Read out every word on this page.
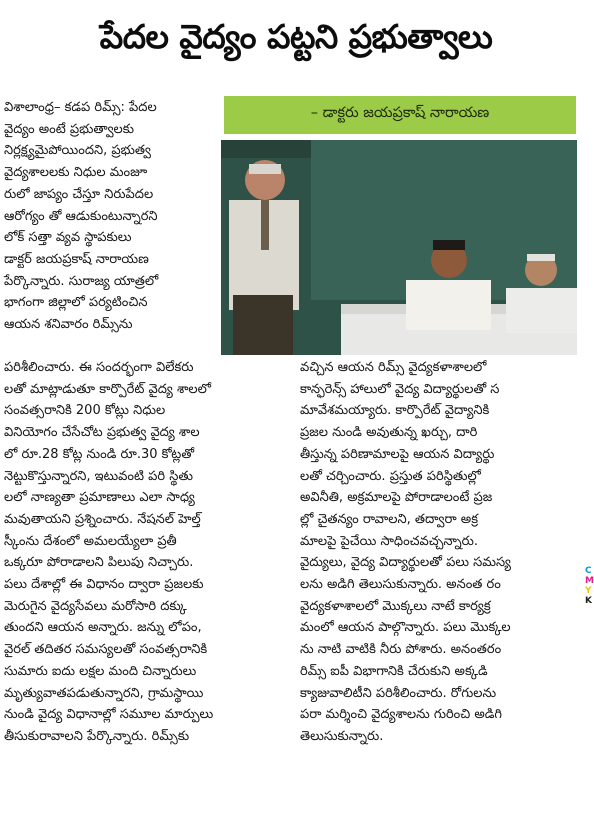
పేదల వైద్యం పట్టని ప్రభుత్వాలు

విశాలాంధ్ర– కడప రిమ్స్: పేదల

వైద్యం అంటే ప్రభుత్వాలకు

నిర్లక్ష్యమైపోయిందని, ప్రభుత్వ

వైద్యశాలలకు నిధుల మంజూ

రులో జాప్యం చేస్తూ నిరుపేదల

ఆరోగ్యం తో ఆడుకుంటున్నారని

లోక్ సత్తా వ్యవ స్థాపకులు

డాక్టర్ జయప్రకాష్ నారాయణ

పేర్కొన్నారు. సురాజ్య యాత్రలో

భాగంగా జిల్లాలో పర్యటించిన

ఆయన శనివారం రిమ్స్‌ను

– డాక్టరు జయప్రకాష్ నారాయణ

పరిశీలించారు. ఈ సందర్భంగా విలేకరు

లతో మాట్లాడుతూ కార్పొరేట్ వైద్య శాలలో

సంవత్సరానికి 200 కోట్లు నిధుల

వినియోగం చేసేచోట ప్రభుత్వ వైద్య శాల

లో రూ.28 కోట్ల నుండి రూ.30 కోట్లతో

నెట్టుకొస్తున్నారని, ఇటువంటి పరి స్థితు

లలో నాణ్యతా ప్రమాణాలు ఎలా సాధ్య

మవుతాయని ప్రశ్నించారు. నేషనల్ హెల్త్

స్కీంను దేశంలో అమలయ్యేలా ప్రతీ

ఒక్కరూ పోరాడాలని పిలుపు నిచ్చారు.

పలు దేశాల్లో ఈ విధానం ద్వారా ప్రజలకు

మెరుగైన వైద్యసేవలు మరోసారి దక్కు

తుందని ఆయన అన్నారు. జన్ను లోపం,

వైరల్ తదితర సమస్యలతో సంవత్సరానికి

సుమారు ఐదు లక్షల మంది చిన్నారులు

మృత్యువాతపడుతున్నారని, గ్రామస్థాయి

నుండి వైద్య విధానాల్లో సమూల మార్పులు

తీసుకురావాలని పేర్కొన్నారు. రిమ్స్‌కు

వచ్చిన ఆయన రిమ్స్ వైద్యకళాశాలలో

కాన్ఫరెన్స్ హాలులో వైద్య విద్యార్థులతో స

మావేశమయ్యారు. కార్పొరేట్ వైద్యానికి

ప్రజల నుండి అవుతున్న ఖర్చు, దారి

తీస్తున్న పరిణామాలపై ఆయన విద్యార్థు

లతో చర్చించారు. ప్రస్తుత పరిస్థితుల్లో

అవినీతి, అక్రమాలపై పోరాడాలంటే ప్రజ

ల్లో చైతన్యం రావాలని, తద్వారా అక్ర

మాలపై పైచేయి సాధించవచ్చన్నారు.

వైద్యులు, వైద్య విద్యార్థులతో పలు సమస్య

లను అడిగి తెలుసుకున్నారు. అనంత రం

వైద్యకళాశాలలో మొక్కలు నాటే కార్యక్ర

మంలో ఆయన పాల్గొన్నారు. పలు మొక్కల

ను నాటి వాటికి నీరు పోశారు. అనంతరం

రిమ్స్ ఐపీ విభాగానికి చేరుకుని అక్కడి

క్యాజువాలిటీని పరిశీలించారు. రోగులను

పరా మర్శించి వైద్యశాలను గురించి అడిగి

తెలుసుకున్నారు.

C
M
Y
K
